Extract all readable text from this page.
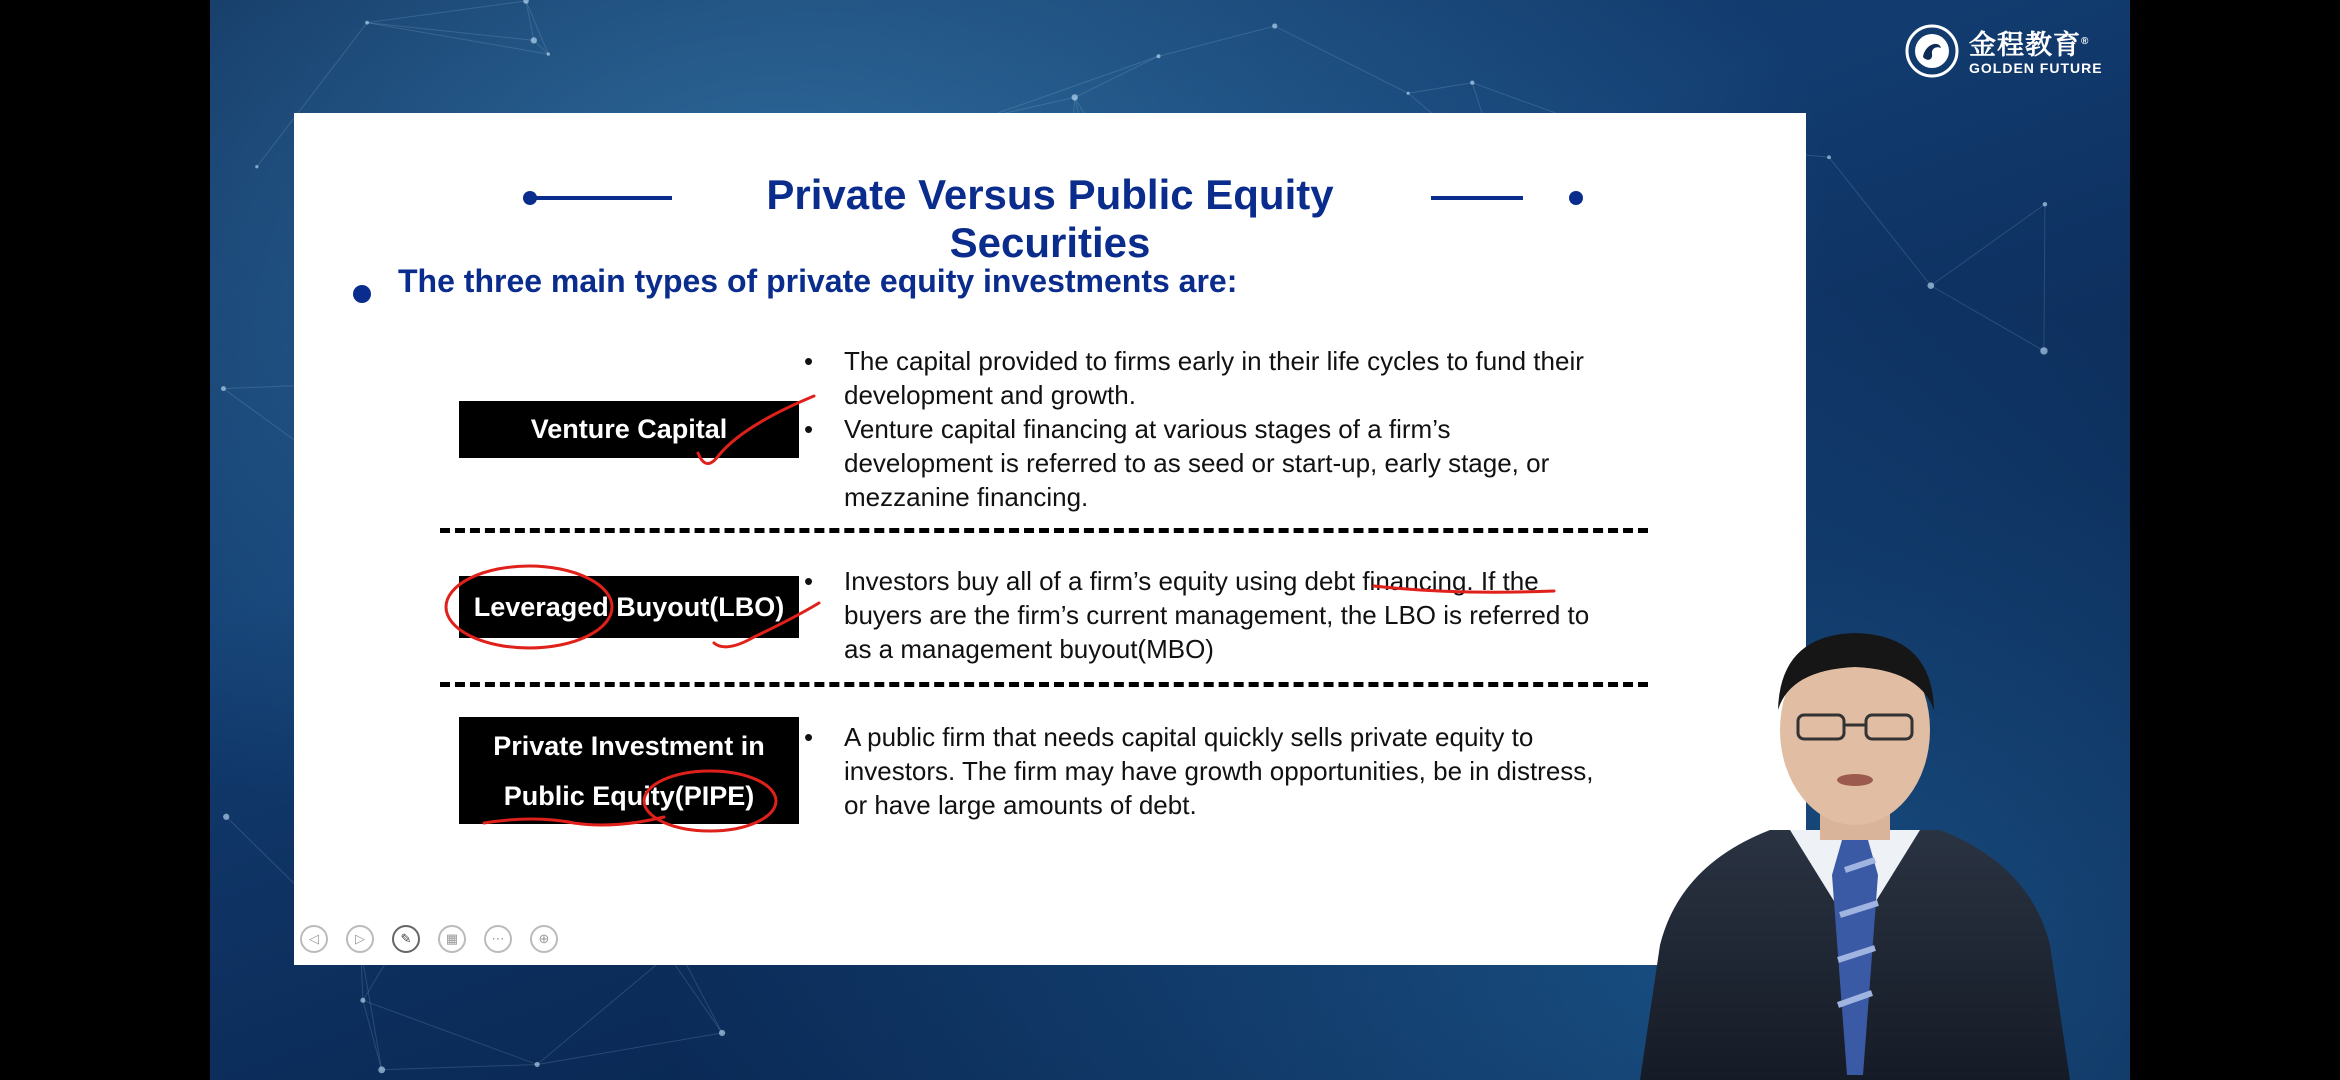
金程教育®
GOLDEN FUTURE
Private Versus Public Equity Securities
The three main types of private equity investments are:
Venture Capital
• The capital provided to firms early in their life cycles to fund their development and growth.
• Venture capital financing at various stages of a firm’s development is referred to as seed or start-up, early stage, or mezzanine financing.
Leveraged Buyout(LBO)
• Investors buy all of a firm’s equity using debt financing. If the buyers are the firm’s current management, the LBO is referred to as a management buyout(MBO)
Private Investment in
Public Equity(PIPE)
• A public firm that needs capital quickly sells private equity to investors. The firm may have growth opportunities, be in distress, or have large amounts of debt.
◁	▷	✎	▦	⋯	⊕
